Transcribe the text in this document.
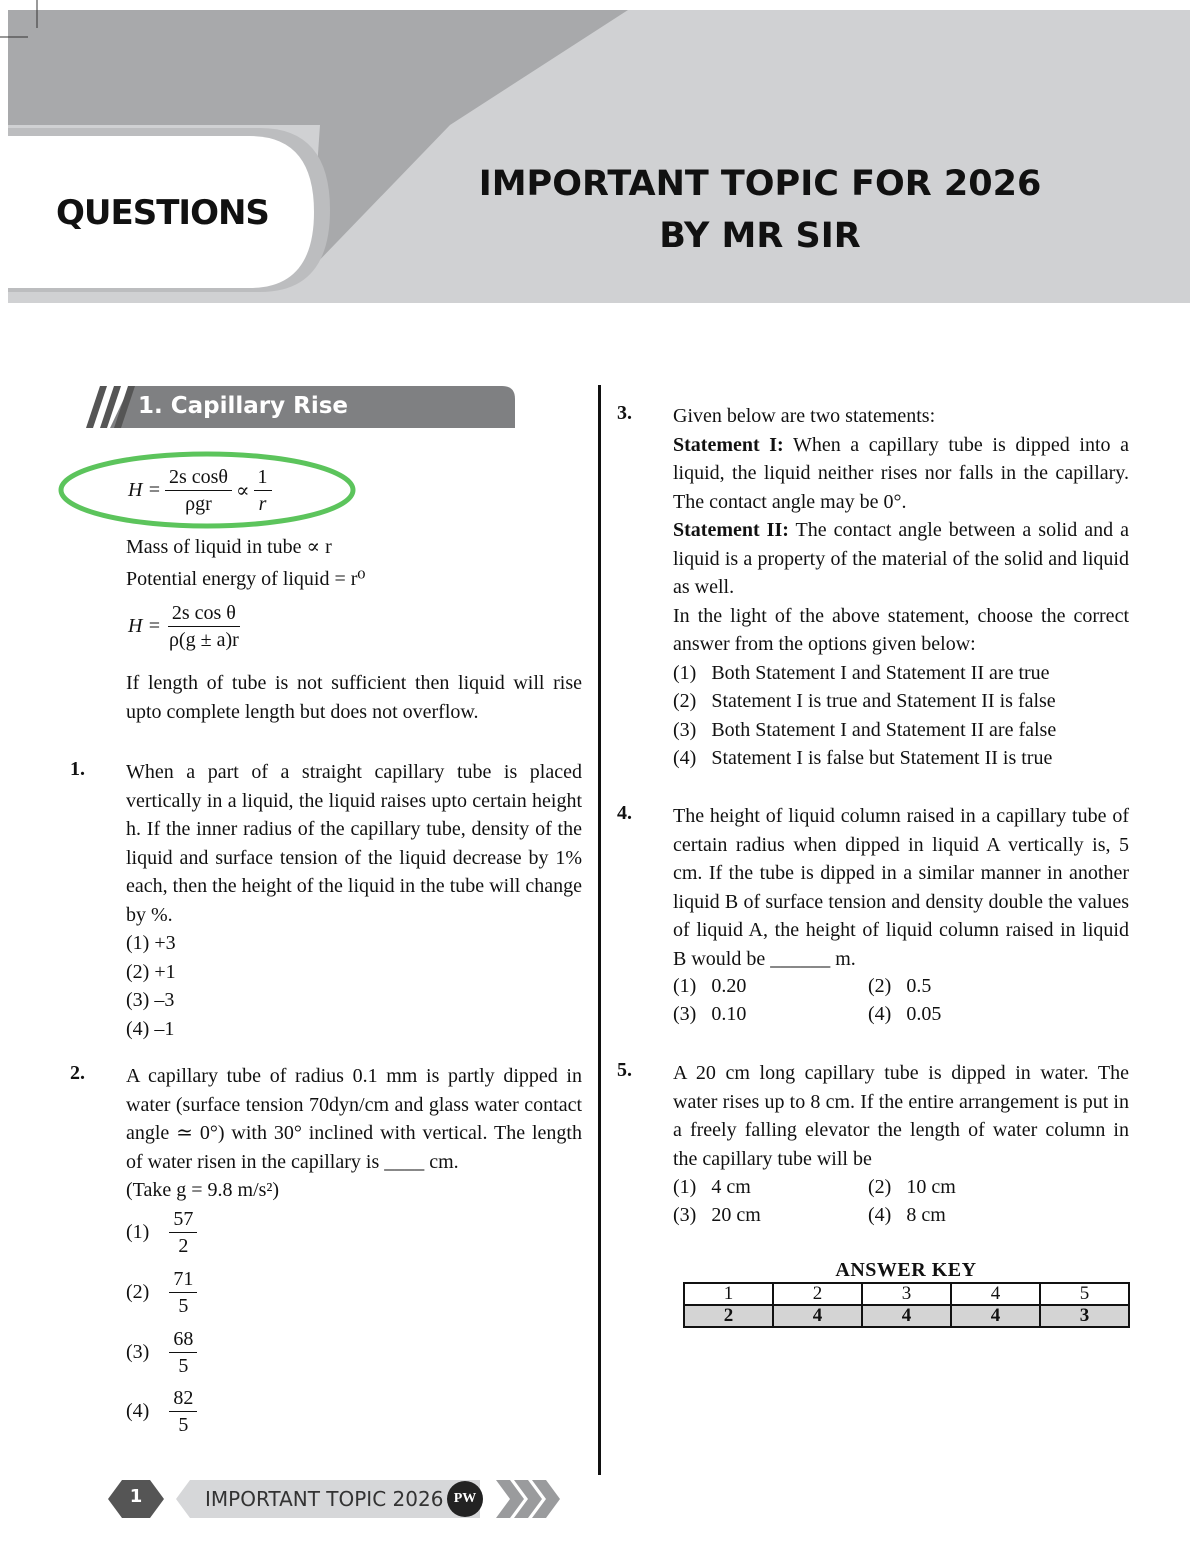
QUESTIONS
IMPORTANT TOPIC FOR 2026
BY MR SIR
1. Capillary Rise
$H = \frac{\text{2s cosθ}}{\text{ρgr}} \propto \frac{1}{r}$
Mass of liquid in tube ∝ r
Potential energy of liquid = r⁰
$H = \frac{\text{2s cos θ}}{\rho(g \pm a)r}$
If length of tube is not sufficient then liquid will rise upto complete length but does not overflow.
1. When a part of a straight capillary tube is placed vertically in a liquid, the liquid raises upto certain height h. If the inner radius of the capillary tube, density of the liquid and surface tension of the liquid decrease by 1% each, then the height of the liquid in the tube will change by %.
(1) +3
(2) +1
(3) –3
(4) –1
2. A capillary tube of radius 0.1 mm is partly dipped in water (surface tension 70dyn/cm and glass water contact angle ≃ 0°) with 30° inclined with vertical. The length of water risen in the capillary is ____ cm.
(Take g = 9.8 m/s²)
$(1) \frac{57}{2}$
$(2) \frac{71}{5}$
$(3) \frac{68}{5}$
$(4) \frac{82}{5}$
3. Given below are two statements:
Statement I: When a capillary tube is dipped into a liquid, the liquid neither rises nor falls in the capillary. The contact angle may be 0°.
Statement II: The contact angle between a solid and a liquid is a property of the material of the solid and liquid as well.
In the light of the above statement, choose the correct answer from the options given below:
(1)   Both Statement I and Statement II are true
(2)   Statement I is true and Statement II is false
(3)   Both Statement I and Statement II are false
(4)   Statement I is false but Statement II is true
4. The height of liquid column raised in a capillary tube of certain radius when dipped in liquid A vertically is, 5 cm. If the tube is dipped in a similar manner in another liquid B of surface tension and density double the values of liquid A, the height of liquid column raised in liquid B would be ______ m.
(1)   0.20	(2)   0.5
(3)   0.10	(4)   0.05
5. A 20 cm long capillary tube is dipped in water. The water rises up to 8 cm. If the entire arrangement is put in a freely falling elevator the length of water column in the capillary tube will be
(1)   4 cm	(2)   10 cm
(3)   20 cm	(4)   8 cm
ANSWER KEY
1	2	3	4	5
2	4	4	4	3
1	IMPORTANT TOPIC 2026 PW
